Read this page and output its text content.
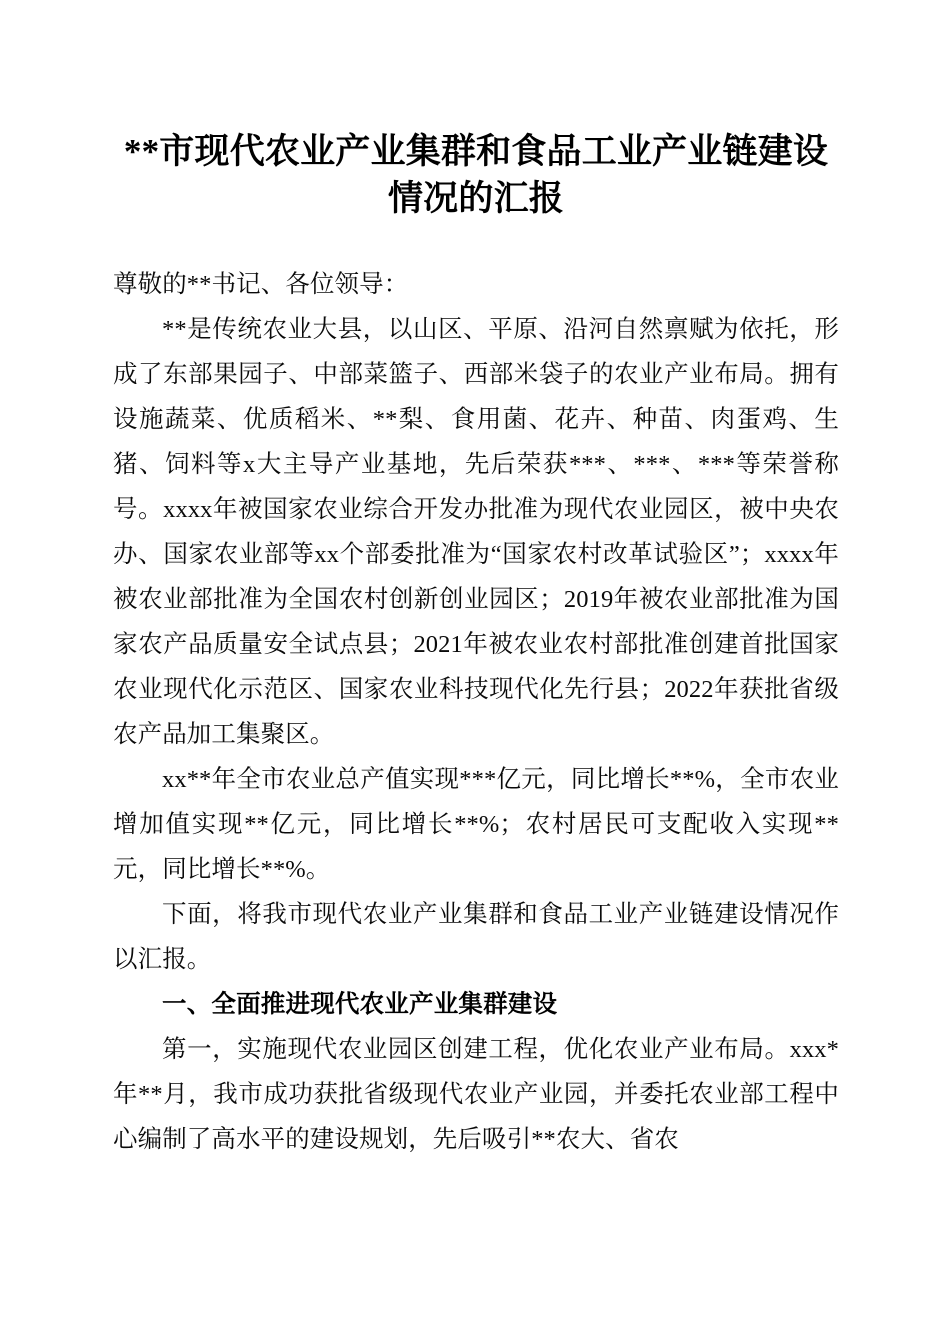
**市现代农业产业集群和食品工业产业链建设情况的汇报

尊敬的**书记、各位领导：

**是传统农业大县，以山区、平原、沿河自然禀赋为依托，形成了东部果园子、中部菜篮子、西部米袋子的农业产业布局。拥有设施蔬菜、优质稻米、**梨、食用菌、花卉、种苗、肉蛋鸡、生猪、饲料等x大主导产业基地，先后荣获***、***、***等荣誉称号。xxxx年被国家农业综合开发办批准为现代农业园区，被中央农办、国家农业部等xx个部委批准为“国家农村改革试验区”；xxxx年被农业部批准为全国农村创新创业园区；2019年被农业部批准为国家农产品质量安全试点县；2021年被农业农村部批准创建首批国家农业现代化示范区、国家农业科技现代化先行县；2022年获批省级农产品加工集聚区。

xx**年全市农业总产值实现***亿元，同比增长**%，全市农业增加值实现**亿元，同比增长**%；农村居民可支配收入实现**元，同比增长**%。

下面，将我市现代农业产业集群和食品工业产业链建设情况作以汇报。

一、全面推进现代农业产业集群建设

第一，实施现代农业园区创建工程，优化农业产业布局。xxx*年**月，我市成功获批省级现代农业产业园，并委托农业部工程中心编制了高水平的建设规划，先后吸引**农大、省农
